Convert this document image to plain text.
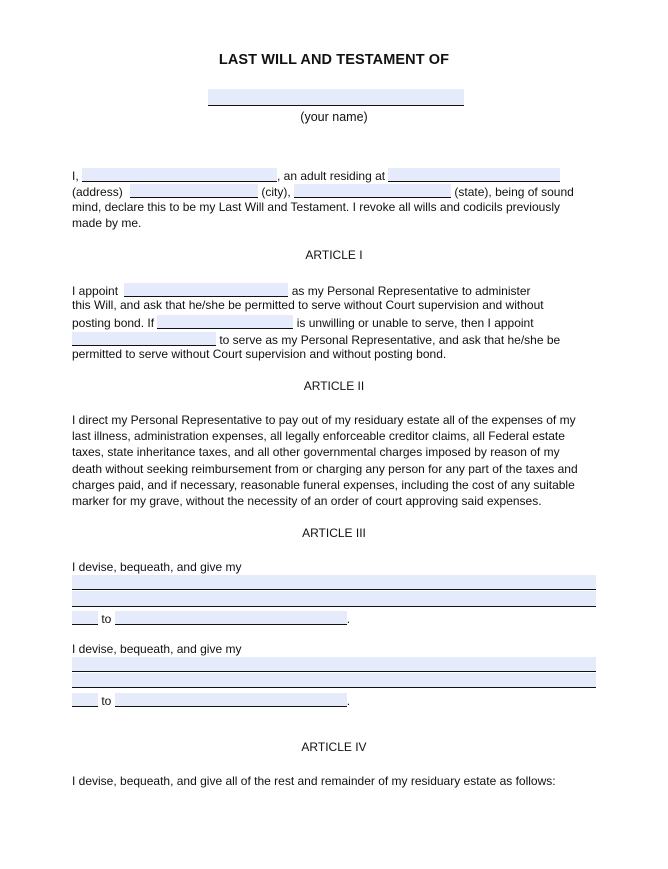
LAST WILL AND TESTAMENT OF
(your name)
I,	, an adult residing at
(address)	(city),	(state), being of sound
mind, declare this to be my Last Will and Testament. I revoke all wills and codicils previously
made by me.
ARTICLE I
I appoint	as my Personal Representative to administer
this Will, and ask that he/she be permitted to serve without Court supervision and without
posting bond. If	is unwilling or unable to serve, then I appoint
to serve as my Personal Representative, and ask that he/she be
permitted to serve without Court supervision and without posting bond.
ARTICLE II
I direct my Personal Representative to pay out of my residuary estate all of the expenses of my
last illness, administration expenses, all legally enforceable creditor claims, all Federal estate
taxes, state inheritance taxes, and all other governmental charges imposed by reason of my
death without seeking reimbursement from or charging any person for any part of the taxes and
charges paid, and if necessary, reasonable funeral expenses, including the cost of any suitable
marker for my grave, without the necessity of an order of court approving said expenses.
ARTICLE III
I devise, bequeath, and give my
to	.
I devise, bequeath, and give my
to	.
ARTICLE IV
I devise, bequeath, and give all of the rest and remainder of my residuary estate as follows:
